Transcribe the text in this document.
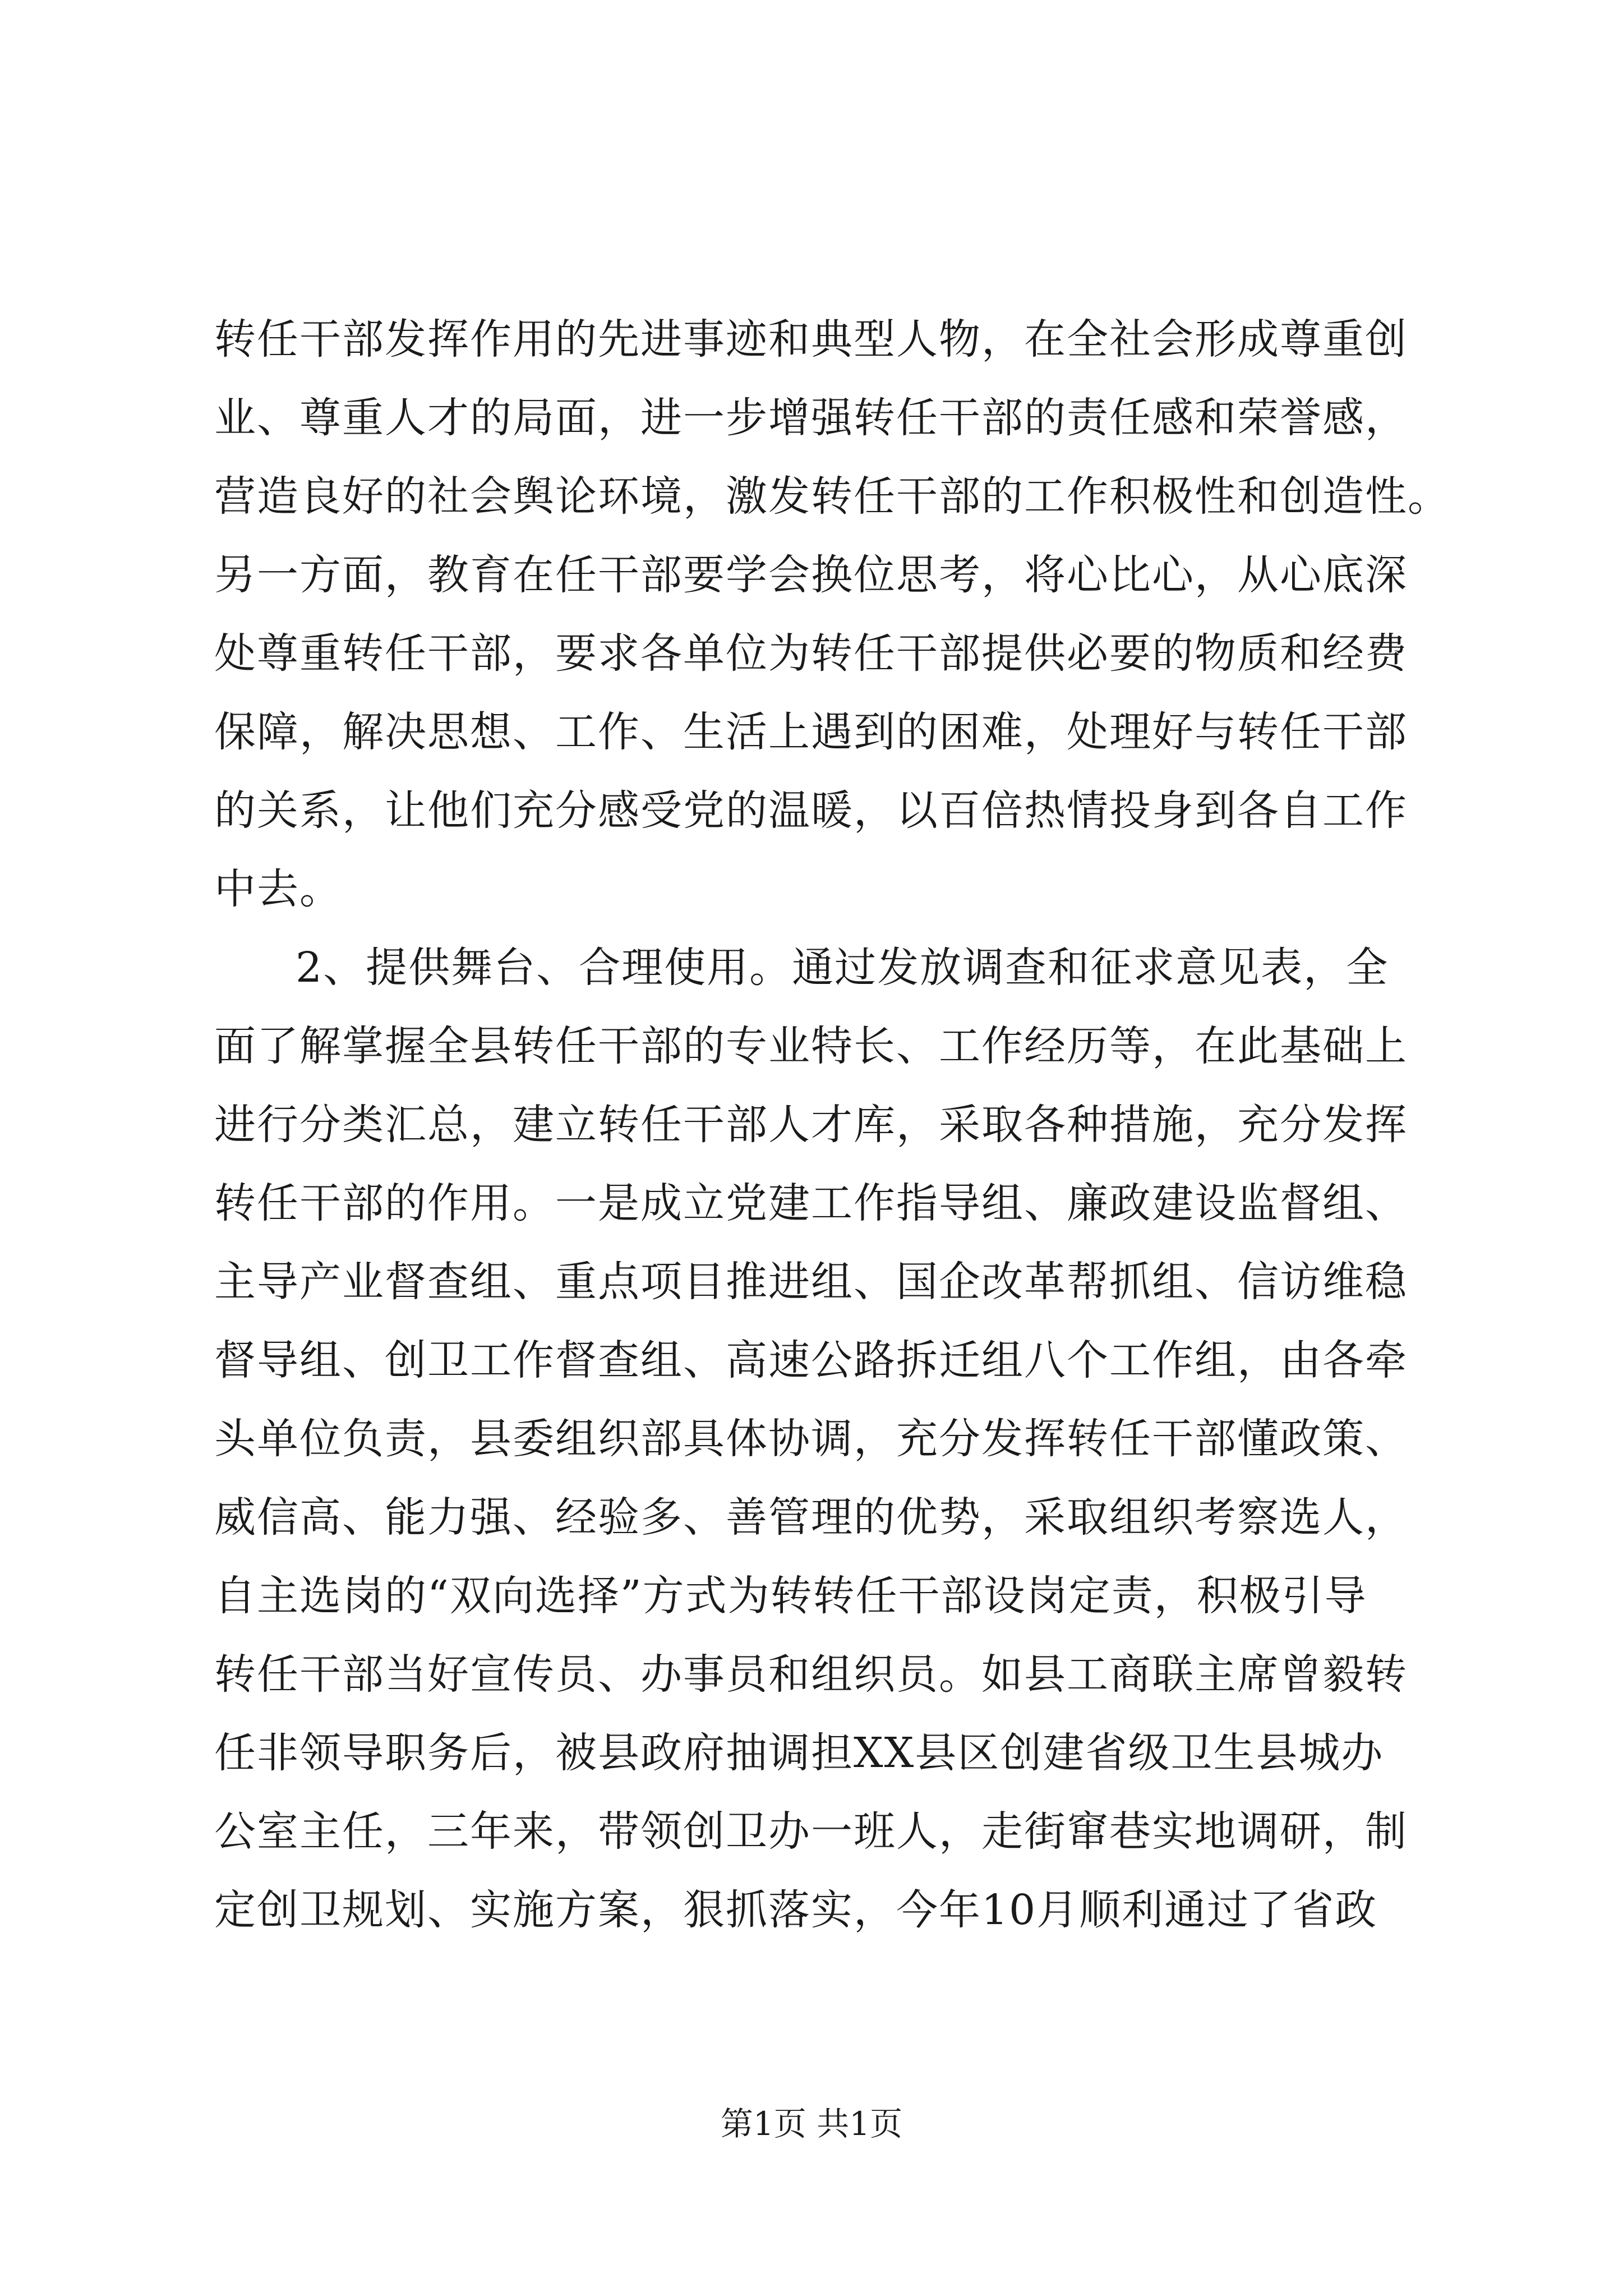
转任干部发挥作用的先进事迹和典型人物，在全社会形成尊重创
业、尊重人才的局面，进一步增强转任干部的责任感和荣誉感，
营造良好的社会舆论环境，激发转任干部的工作积极性和创造性。
另一方面，教育在任干部要学会换位思考，将心比心，从心底深
处尊重转任干部，要求各单位为转任干部提供必要的物质和经费
保障，解决思想、工作、生活上遇到的困难，处理好与转任干部
的关系，让他们充分感受党的温暖，以百倍热情投身到各自工作
中去。
2、提供舞台、合理使用。通过发放调查和征求意见表，全
面了解掌握全县转任干部的专业特长、工作经历等，在此基础上
进行分类汇总，建立转任干部人才库，采取各种措施，充分发挥
转任干部的作用。一是成立党建工作指导组、廉政建设监督组、
主导产业督查组、重点项目推进组、国企改革帮抓组、信访维稳
督导组、创卫工作督查组、高速公路拆迁组八个工作组，由各牵
头单位负责，县委组织部具体协调，充分发挥转任干部懂政策、
威信高、能力强、经验多、善管理的优势，采取组织考察选人，
自主选岗的“双向选择”方式为转转任干部设岗定责，积极引导
转任干部当好宣传员、办事员和组织员。如县工商联主席曾毅转
任非领导职务后，被县政府抽调担XX县区创建省级卫生县城办
公室主任，三年来，带领创卫办一班人，走街窜巷实地调研，制
定创卫规划、实施方案，狠抓落实，今年10月顺利通过了省政
第1页 共1页
